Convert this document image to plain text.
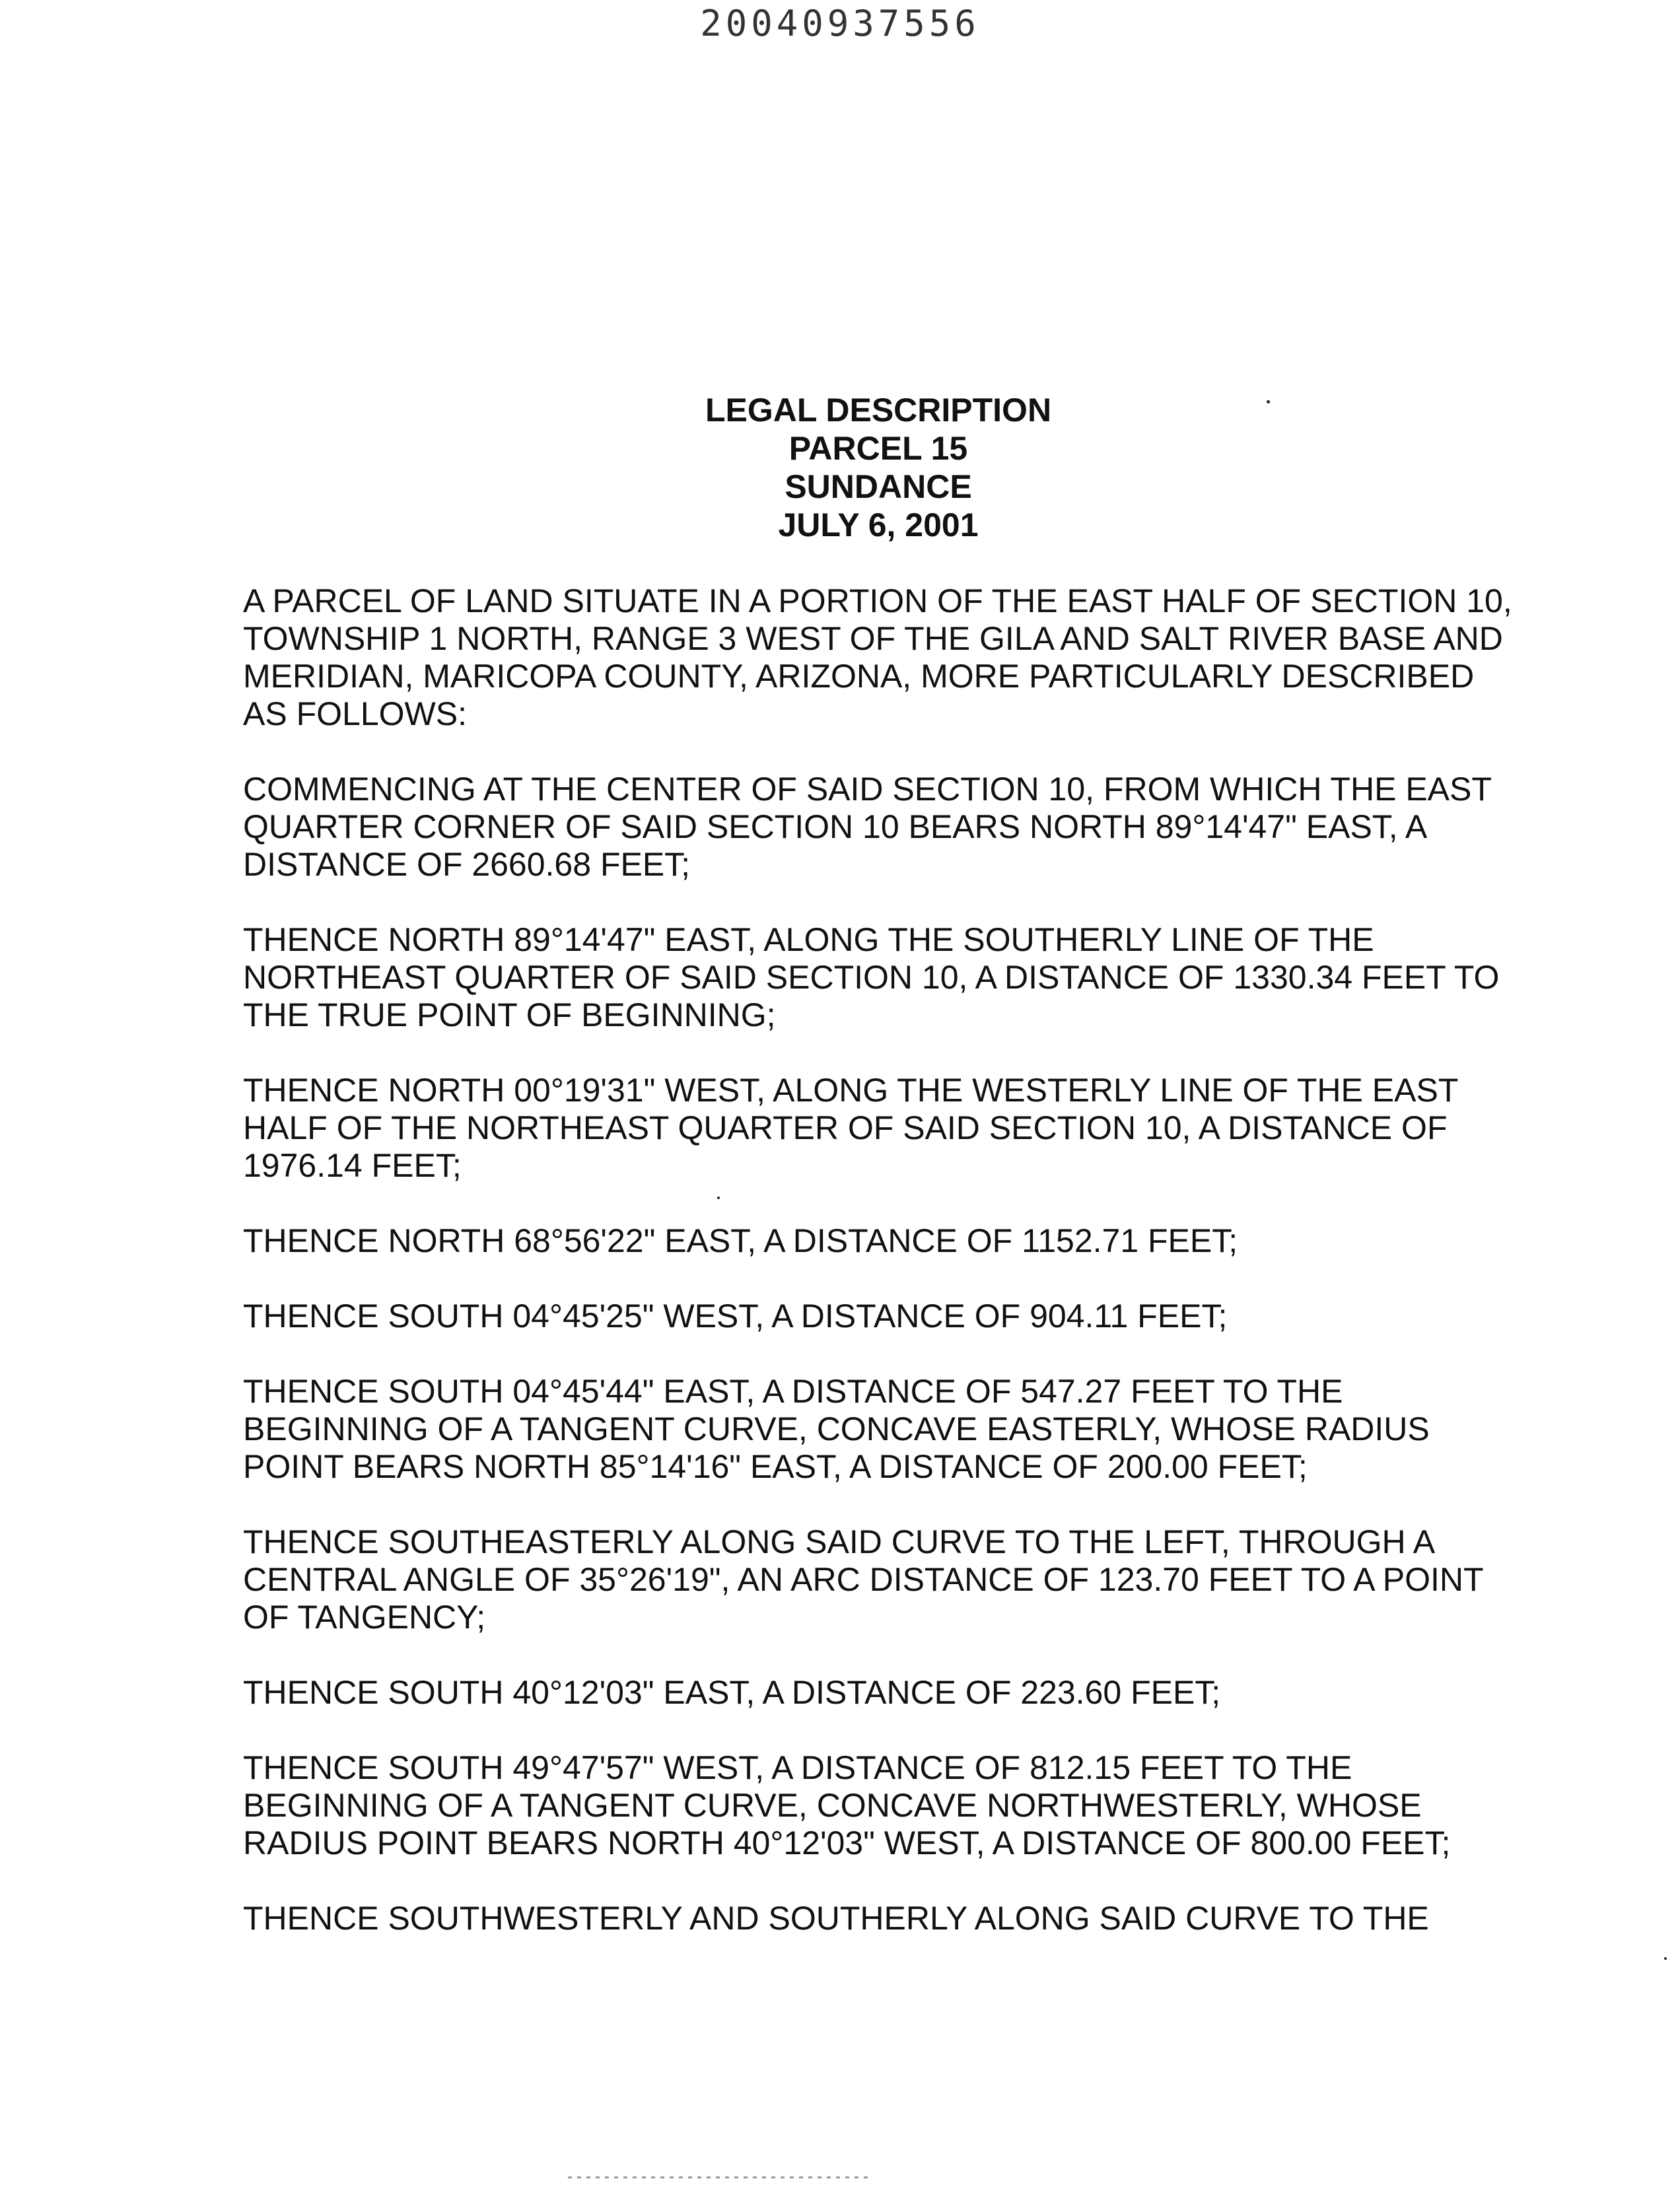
20040937556
LEGAL DESCRIPTION
PARCEL 15
SUNDANCE
JULY 6, 2001
A PARCEL OF LAND SITUATE IN A PORTION OF THE EAST HALF OF SECTION 10,
TOWNSHIP 1 NORTH, RANGE 3 WEST OF THE GILA AND SALT RIVER BASE AND
MERIDIAN, MARICOPA COUNTY, ARIZONA, MORE PARTICULARLY DESCRIBED
AS FOLLOWS:
COMMENCING AT THE CENTER OF SAID SECTION 10, FROM WHICH THE EAST
QUARTER CORNER OF SAID SECTION 10 BEARS NORTH 89°14'47" EAST, A
DISTANCE OF 2660.68 FEET;
THENCE NORTH 89°14'47" EAST, ALONG THE SOUTHERLY LINE OF THE
NORTHEAST QUARTER OF SAID SECTION 10, A DISTANCE OF 1330.34 FEET TO
THE TRUE POINT OF BEGINNING;
THENCE NORTH 00°19'31" WEST, ALONG THE WESTERLY LINE OF THE EAST
HALF OF THE NORTHEAST QUARTER OF SAID SECTION 10, A DISTANCE OF
1976.14 FEET;
THENCE NORTH 68°56'22" EAST, A DISTANCE OF 1152.71 FEET;
THENCE SOUTH 04°45'25" WEST, A DISTANCE OF 904.11 FEET;
THENCE SOUTH 04°45'44" EAST, A DISTANCE OF 547.27 FEET TO THE
BEGINNING OF A TANGENT CURVE, CONCAVE EASTERLY, WHOSE RADIUS
POINT BEARS NORTH 85°14'16" EAST, A DISTANCE OF 200.00 FEET;
THENCE SOUTHEASTERLY ALONG SAID CURVE TO THE LEFT, THROUGH A
CENTRAL ANGLE OF 35°26'19", AN ARC DISTANCE OF 123.70 FEET TO A POINT
OF TANGENCY;
THENCE SOUTH 40°12'03" EAST, A DISTANCE OF 223.60 FEET;
THENCE SOUTH 49°47'57" WEST, A DISTANCE OF 812.15 FEET TO THE
BEGINNING OF A TANGENT CURVE, CONCAVE NORTHWESTERLY, WHOSE
RADIUS POINT BEARS NORTH 40°12'03" WEST, A DISTANCE OF 800.00 FEET;
THENCE SOUTHWESTERLY AND SOUTHERLY ALONG SAID CURVE TO THE
